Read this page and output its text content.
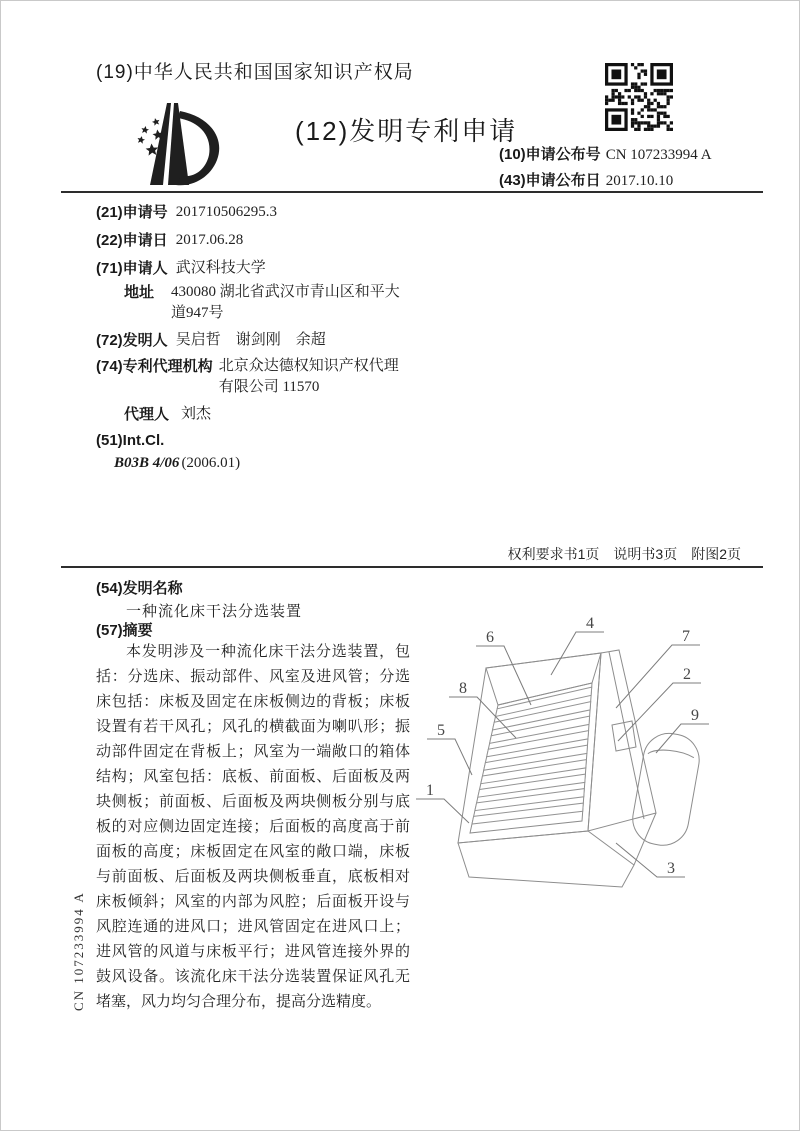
(19)中华人民共和国国家知识产权局
(12)发明专利申请
(10)申请公布号 CN 107233994 A
(43)申请公布日 2017.10.10
(21)申请号 201710506295.3
(22)申请日 2017.06.28
(71)申请人 武汉科技大学
地址 430080 湖北省武汉市青山区和平大道947号
(72)发明人 吴启哲　谢剑刚　余超
(74)专利代理机构 北京众达德权知识产权代理有限公司 11570
代理人 刘杰
(51)Int.Cl.
B03B 4/06 (2006.01)
权利要求书1页　说明书3页　附图2页
(54)发明名称
一种流化床干法分选装置
(57)摘要

本发明涉及一种流化床干法分选装置，包括：分选床、振动部件、风室及进风管；分选床包括：床板及固定在床板侧边的背板；床板设置有若干风孔；风孔的横截面为喇叭形；振动部件固定在背板上；风室为一端敞口的箱体结构；风室包括：底板、前面板、后面板及两块侧板；前面板、后面板及两块侧板分别与底板的对应侧边固定连接；后面板的高度高于前面板的高度；床板固定在风室的敞口端，床板与前面板、后面板及两块侧板垂直，底板相对床板倾斜；风室的内部为风腔；后面板开设与风腔连通的进风口；进风管固定在进风口上；进风管的风道与床板平行；进风管连接外界的鼓风设备。该流化床干法分选装置保证风孔无堵塞，风力均匀合理分布，提高分选精度。

1
2
3
4
5
6	7
8
9
CN 107233994 A
